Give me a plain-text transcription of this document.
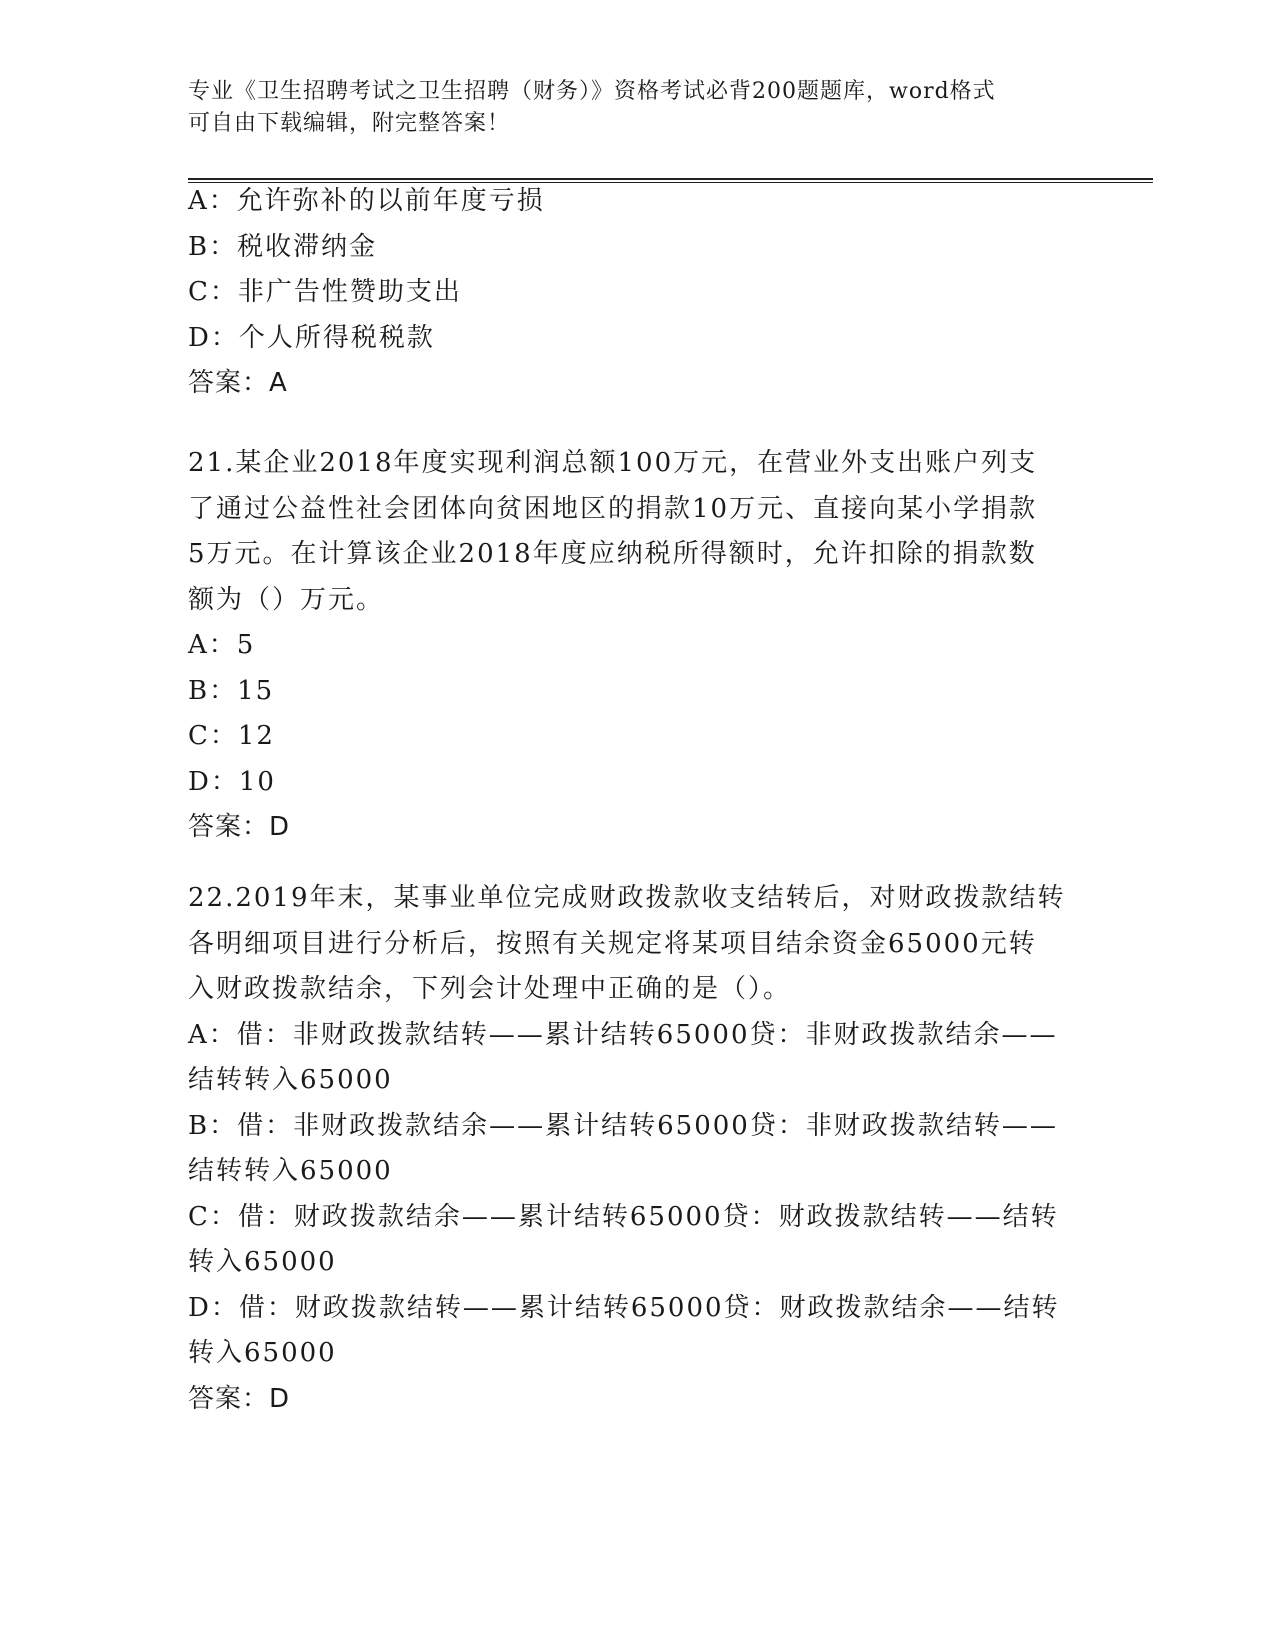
专业《卫生招聘考试之卫生招聘（财务）》资格考试必背200题题库，word格式
可自由下载编辑，附完整答案！
A：允许弥补的以前年度亏损
B：税收滞纳金
C：非广告性赞助支出
D：个人所得税税款
答案：A
21.某企业2018年度实现利润总额100万元，在营业外支出账户列支
了通过公益性社会团体向贫困地区的捐款10万元、直接向某小学捐款
5万元。在计算该企业2018年度应纳税所得额时，允许扣除的捐款数
额为（）万元。
A：5
B：15
C：12
D：10
答案：D
22.2019年末，某事业单位完成财政拨款收支结转后，对财政拨款结转
各明细项目进行分析后，按照有关规定将某项目结余资金65000元转
入财政拨款结余，下列会计处理中正确的是（）。
A：借：非财政拨款结转——累计结转65000贷：非财政拨款结余——
结转转入65000
B：借：非财政拨款结余——累计结转65000贷：非财政拨款结转——
结转转入65000
C：借：财政拨款结余——累计结转65000贷：财政拨款结转——结转
转入65000
D：借：财政拨款结转——累计结转65000贷：财政拨款结余——结转
转入65000
答案：D
